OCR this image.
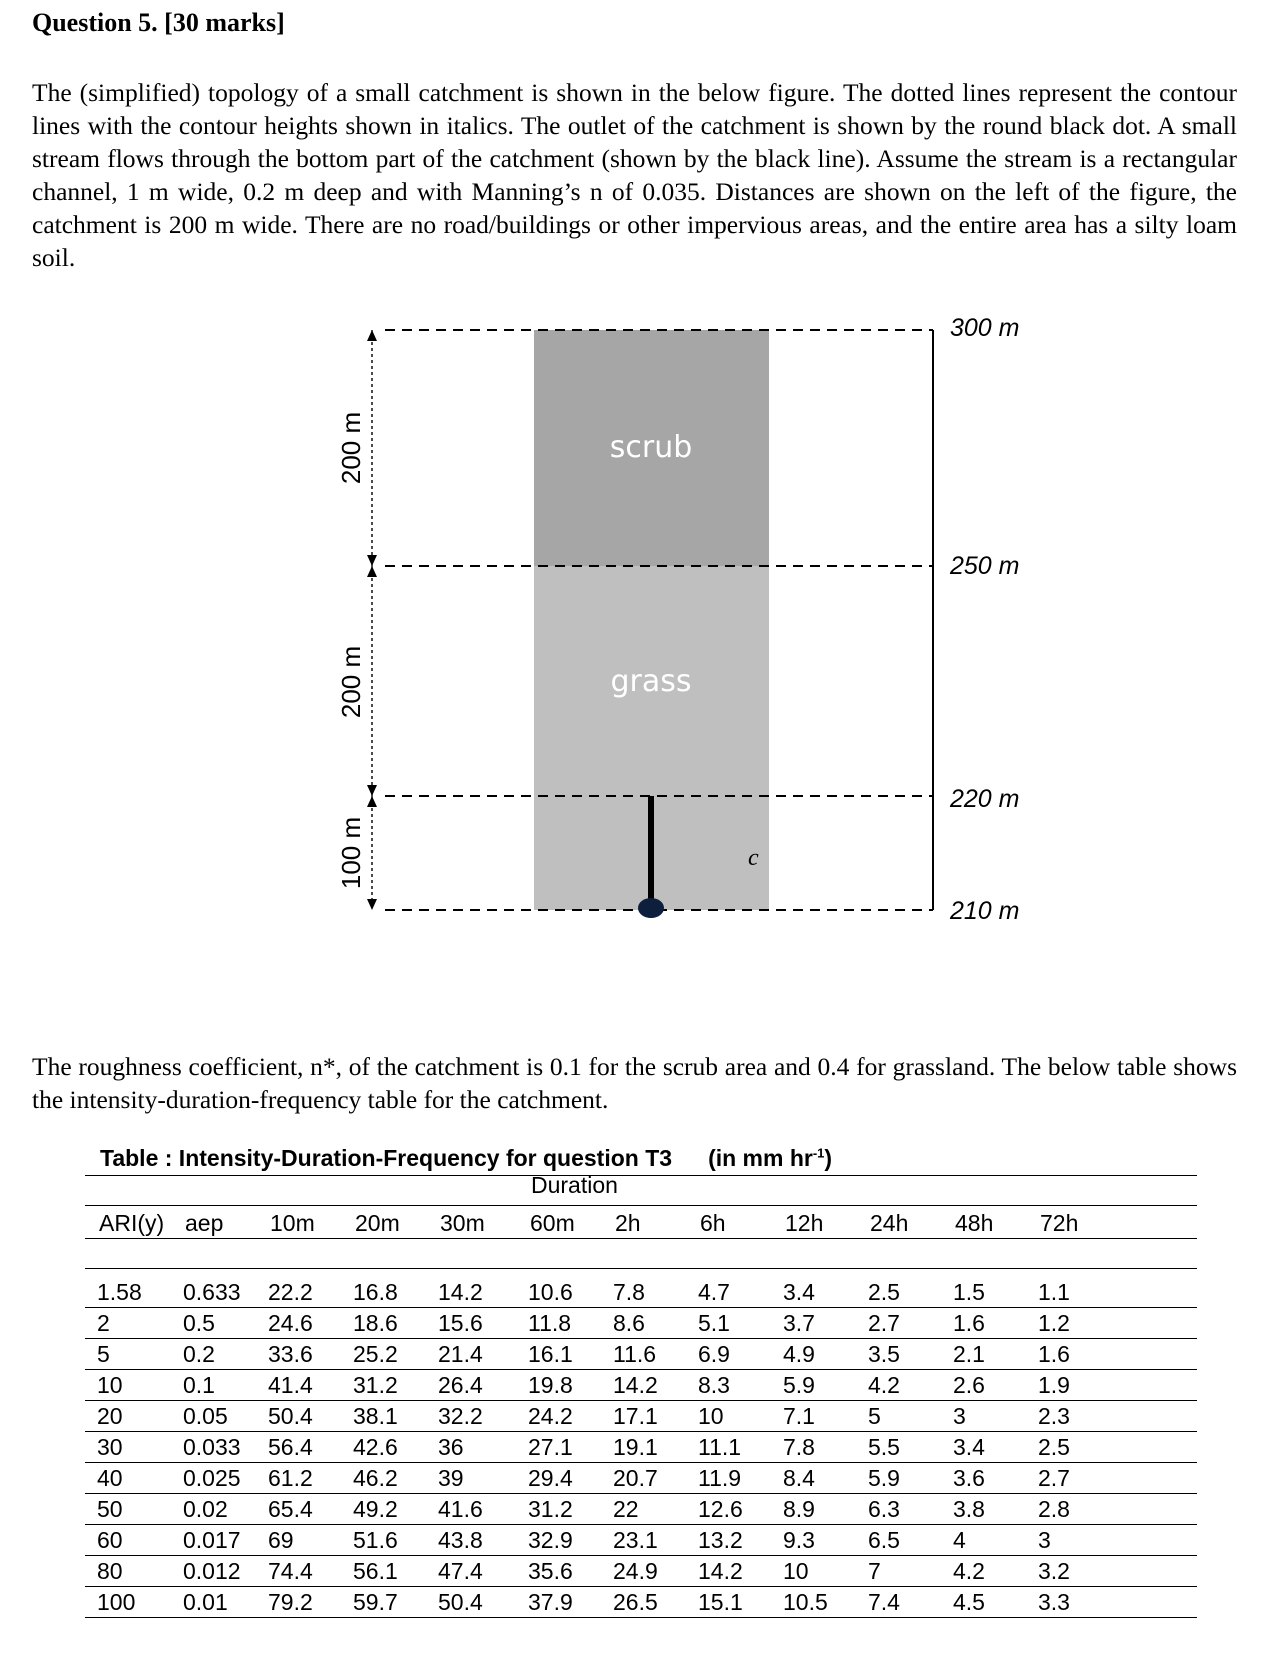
Question 5. [30 marks]
The (simplified) topology of a small catchment is shown in the below figure. The dotted lines represent the contour lines with the contour heights shown in italics. The outlet of the catchment is shown by the round black dot. A small stream flows through the bottom part of the catchment (shown by the black line). Assume the stream is a rectangular channel, 1 m wide, 0.2 m deep and with Manning’s n of 0.035. Distances are shown on the left of the figure, the catchment is 200 m wide. There are no road/buildings or other impervious areas, and the entire area has a silty loam soil.
200 m
200 m
100 m
scrub
grass
300 m
250 m
220 m
210 m
c
The roughness coefficient, n*, of the catchment is 0.1 for the scrub area and 0.4 for grassland. The below table shows the intensity-duration-frequency table for the catchment.
Table : Intensity-Duration-Frequency for question T3 (in mm $hr^{-1}$)
Duration
ARI(y) aep 10m 20m 30m 60m 2h	6h	12h 24h 48h 72h
1.58 0.633 22.2 16.8 14.2 10.6 7.8 4.7 3.4 2.5 1.5 1.1
2	0.5 24.6 18.6 15.6 11.8 8.6 5.1 3.7 2.7 1.6 1.2
5	0.2 33.6 25.2 21.4 16.1 11.6 6.9 4.9 3.5 2.1 1.6
10	0.1 41.4 31.2 26.4 19.8 14.2 8.3 5.9 4.2 2.6 1.9
20	0.05 50.4 38.1 32.2 24.2 17.1 10	7.1 5	3	2.3
30	0.033 56.4 42.6 36	27.1 19.1 11.1 7.8 5.5 3.4 2.5
40	0.025 61.2 46.2 39	29.4 20.7 11.9 8.4 5.9 3.6 2.7
50	0.02 65.4 49.2 41.6 31.2 22	12.6 8.9 6.3 3.8 2.8
60	0.017 69	51.6 43.8 32.9 23.1 13.2 9.3 6.5 4	3
80	0.012 74.4 56.1 47.4 35.6 24.9 14.2 10	7	4.2 3.2
100 0.01 79.2 59.7 50.4 37.9 26.5 15.1 10.5 7.4 4.5 3.3
